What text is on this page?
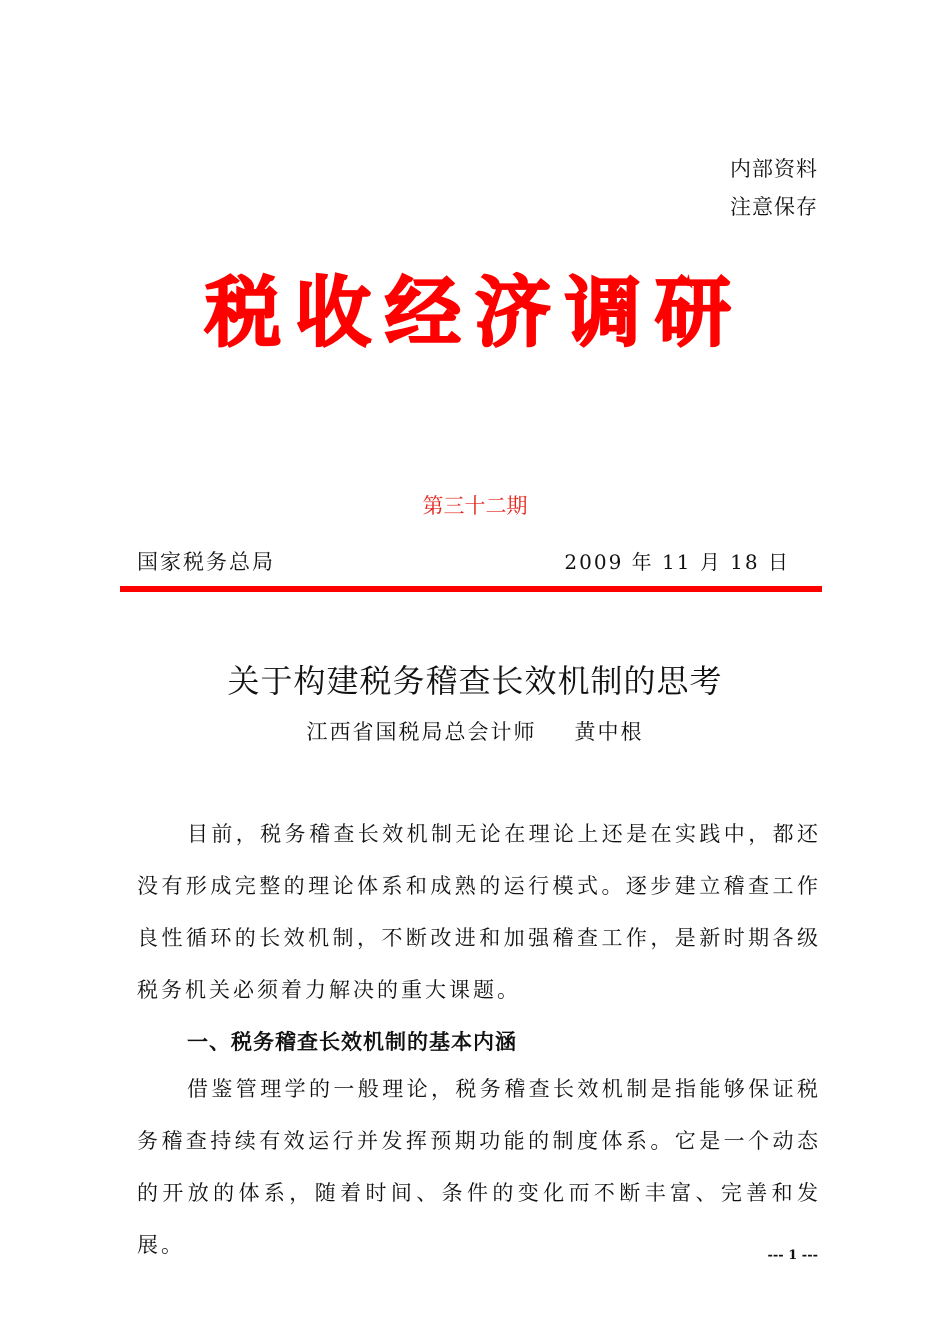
内部资料
注意保存
税收经济调研
第三十二期
国家税务总局	2009 年 11 月 18 日
关于构建税务稽查长效机制的思考
江西省国税局总会计师 黄中根
目前，税务稽查长效机制无论在理论上还是在实践中，都还没有形成完整的理论体系和成熟的运行模式。逐步建立稽查工作良性循环的长效机制，不断改进和加强稽查工作，是新时期各级税务机关必须着力解决的重大课题。
一、税务稽查长效机制的基本内涵
借鉴管理学的一般理论，税务稽查长效机制是指能够保证税务稽查持续有效运行并发挥预期功能的制度体系。它是一个动态的开放的体系，随着时间、条件的变化而不断丰富、完善和发展。	--- 1 ---
